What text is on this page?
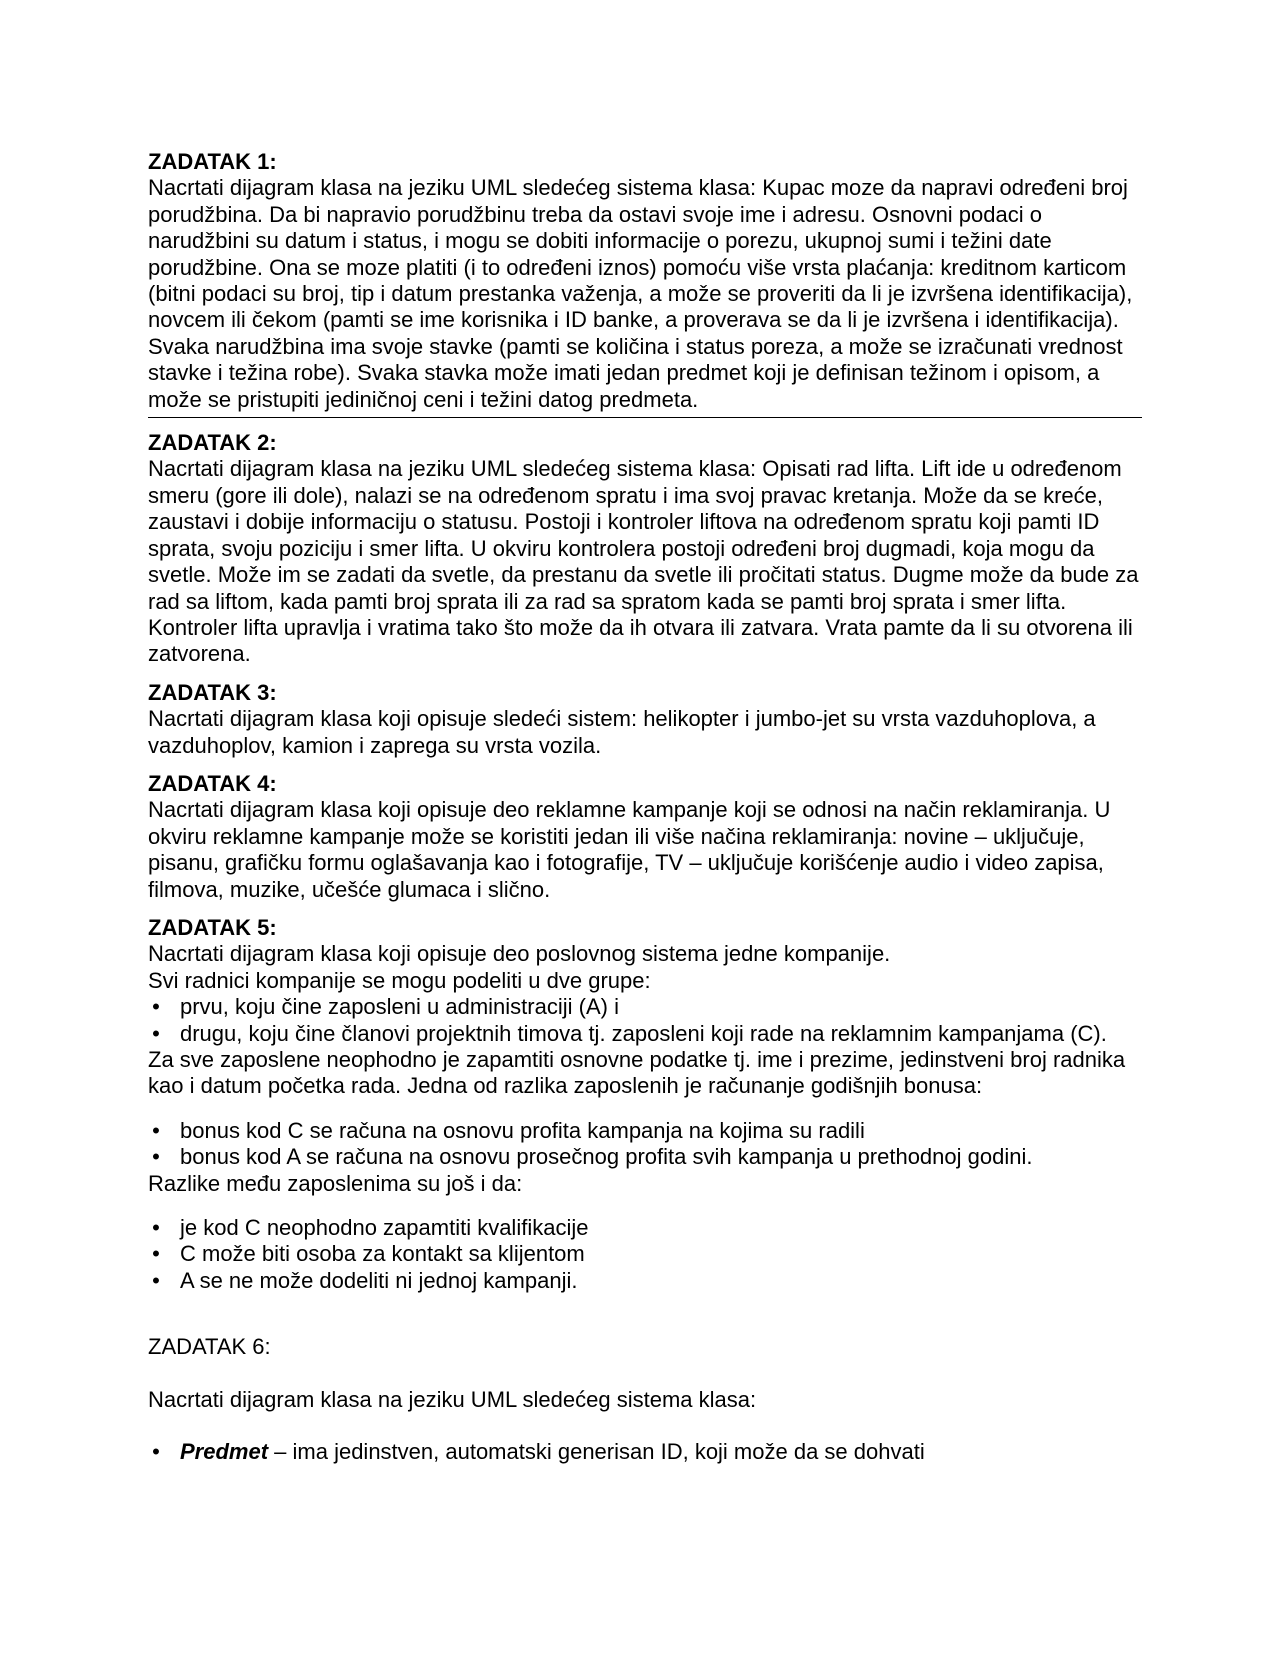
ZADATAK 1:
Nacrtati dijagram klasa na jeziku UML sledećeg sistema klasa: Kupac moze da napravi određeni broj porudžbina. Da bi napravio porudžbinu treba da ostavi svoje ime i adresu. Osnovni podaci o narudžbini su datum i status, i mogu se dobiti informacije o porezu, ukupnoj sumi i težini date porudžbine. Ona se moze platiti (i to određeni iznos) pomoću više vrsta plaćanja: kreditnom karticom (bitni podaci su broj, tip i datum prestanka važenja, a može se proveriti da li je izvršena identifikacija), novcem ili čekom (pamti se ime korisnika i ID banke, a proverava se da li je izvršena i identifikacija). Svaka narudžbina ima svoje stavke (pamti se količina i status poreza, a može se izračunati vrednost stavke i težina robe). Svaka stavka može imati jedan predmet koji je definisan težinom i opisom, a može se pristupiti jediničnoj ceni i težini datog predmeta.
ZADATAK 2:
Nacrtati dijagram klasa na jeziku UML sledećeg sistema klasa: Opisati rad lifta. Lift ide u određenom smeru (gore ili dole), nalazi se na određenom spratu i ima svoj pravac kretanja. Može da se kreće, zaustavi i dobije informaciju o statusu. Postoji i kontroler liftova na određenom spratu koji pamti ID sprata, svoju poziciju i smer lifta. U okviru kontrolera postoji određeni broj dugmadi, koja mogu da svetle. Može im se zadati da svetle, da prestanu da svetle ili pročitati status. Dugme može da bude za rad sa liftom, kada pamti broj sprata ili za rad sa spratom kada se pamti broj sprata i smer lifta. Kontroler lifta upravlja i vratima tako što može da ih otvara ili zatvara. Vrata pamte da li su otvorena ili zatvorena.
ZADATAK 3:
Nacrtati dijagram klasa koji opisuje sledeći sistem: helikopter i jumbo-jet su vrsta vazduhoplova, a vazduhoplov, kamion i zaprega su vrsta vozila.
ZADATAK 4:
Nacrtati dijagram klasa koji opisuje deo reklamne kampanje koji se odnosi na način reklamiranja. U okviru reklamne kampanje može se koristiti jedan ili više načina reklamiranja: novine – uključuje, pisanu, grafičku formu oglašavanja kao i fotografije, TV – uključuje korišćenje audio i video zapisa, filmova, muzike, učešće glumaca i slično.
ZADATAK 5:
Nacrtati dijagram klasa koji opisuje deo poslovnog sistema jedne kompanije.
Svi radnici kompanije se mogu podeliti u dve grupe:
• prvu, koju čine zaposleni u administraciji (A) i
• drugu, koju čine članovi projektnih timova tj. zaposleni koji rade na reklamnim kampanjama (C).
Za sve zaposlene neophodno je zapamtiti osnovne podatke tj. ime i prezime, jedinstveni broj radnika kao i datum početka rada. Jedna od razlika zaposlenih je računanje godišnjih bonusa:
• bonus kod C se računa na osnovu profita kampanja na kojima su radili
• bonus kod A se računa na osnovu prosečnog profita svih kampanja u prethodnoj godini.
Razlike među zaposlenima su još i da:
• je kod C neophodno zapamtiti kvalifikacije
• C može biti osoba za kontakt sa klijentom
• A se ne može dodeliti ni jednoj kampanji.
ZADATAK 6:
Nacrtati dijagram klasa na jeziku UML sledećeg sistema klasa:
• Predmet – ima jedinstven, automatski generisan ID, koji može da se dohvati
